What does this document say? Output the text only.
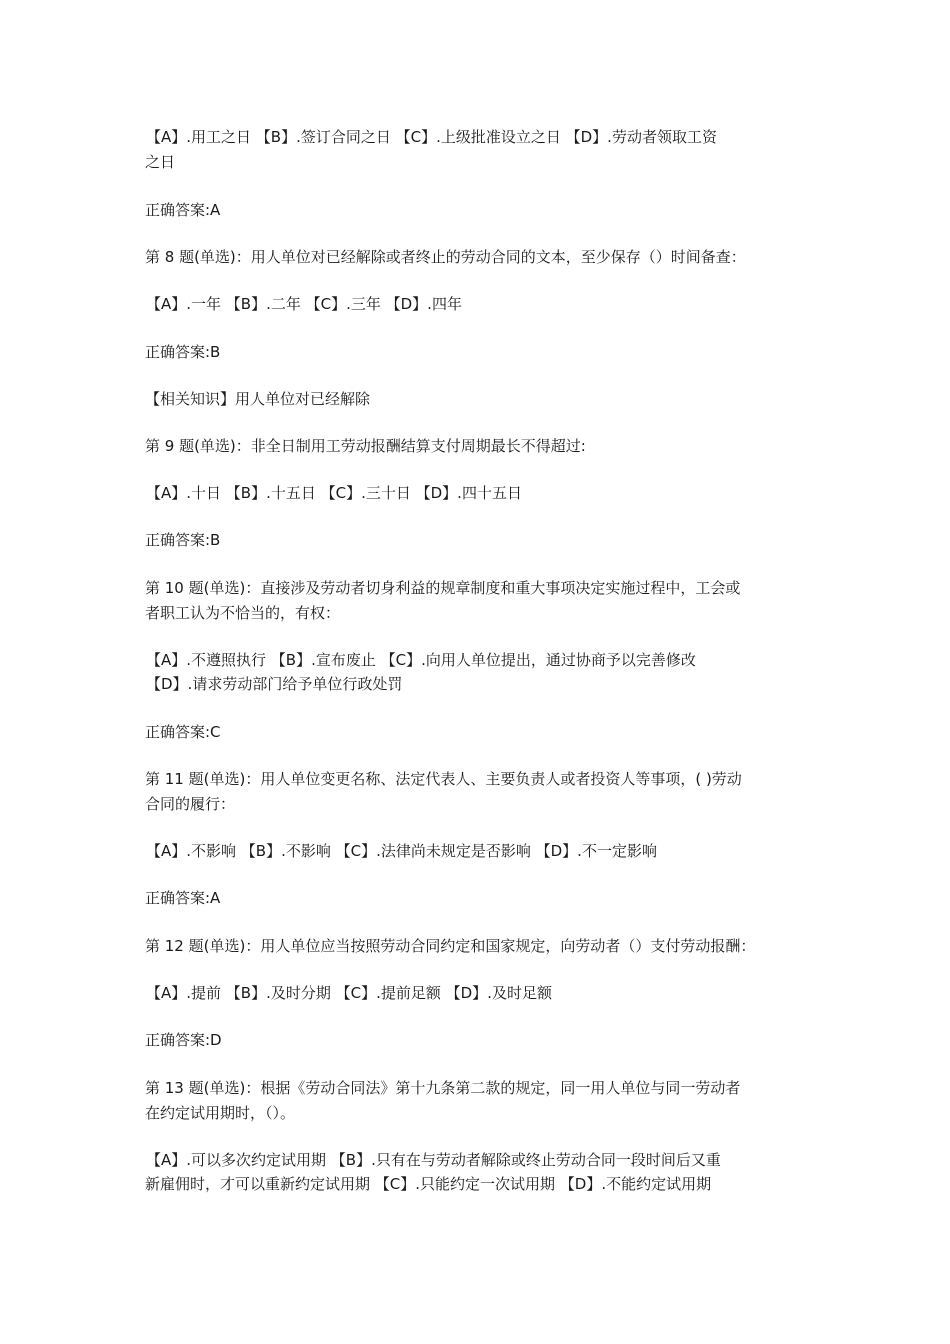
【A】.用工之日 【B】.签订合同之日 【C】.上级批准设立之日 【D】.劳动者领取工资
之日
正确答案:A
第 8 题(单选)：用人单位对已经解除或者终止的劳动合同的文本，至少保存（）时间备查：
【A】.一年 【B】.二年 【C】.三年 【D】.四年
正确答案:B
【相关知识】用人单位对已经解除
第 9 题(单选)：非全日制用工劳动报酬结算支付周期最长不得超过:
【A】.十日 【B】.十五日 【C】.三十日 【D】.四十五日
正确答案:B
第 10 题(单选)：直接涉及劳动者切身利益的规章制度和重大事项决定实施过程中，工会或
者职工认为不恰当的，有权：
【A】.不遵照执行 【B】.宣布废止 【C】.向用人单位提出，通过协商予以完善修改
【D】.请求劳动部门给予单位行政处罚
正确答案:C
第 11 题(单选)：用人单位变更名称、法定代表人、主要负责人或者投资人等事项，( )劳动
合同的履行：
【A】.不影响 【B】.不影响 【C】.法律尚未规定是否影响 【D】.不一定影响
正确答案:A
第 12 题(单选)：用人单位应当按照劳动合同约定和国家规定，向劳动者（）支付劳动报酬：
【A】.提前 【B】.及时分期 【C】.提前足额 【D】.及时足额
正确答案:D
第 13 题(单选)：根据《劳动合同法》第十九条第二款的规定，同一用人单位与同一劳动者
在约定试用期时，（）。
【A】.可以多次约定试用期 【B】.只有在与劳动者解除或终止劳动合同一段时间后又重
新雇佣时，才可以重新约定试用期 【C】.只能约定一次试用期 【D】.不能约定试用期
